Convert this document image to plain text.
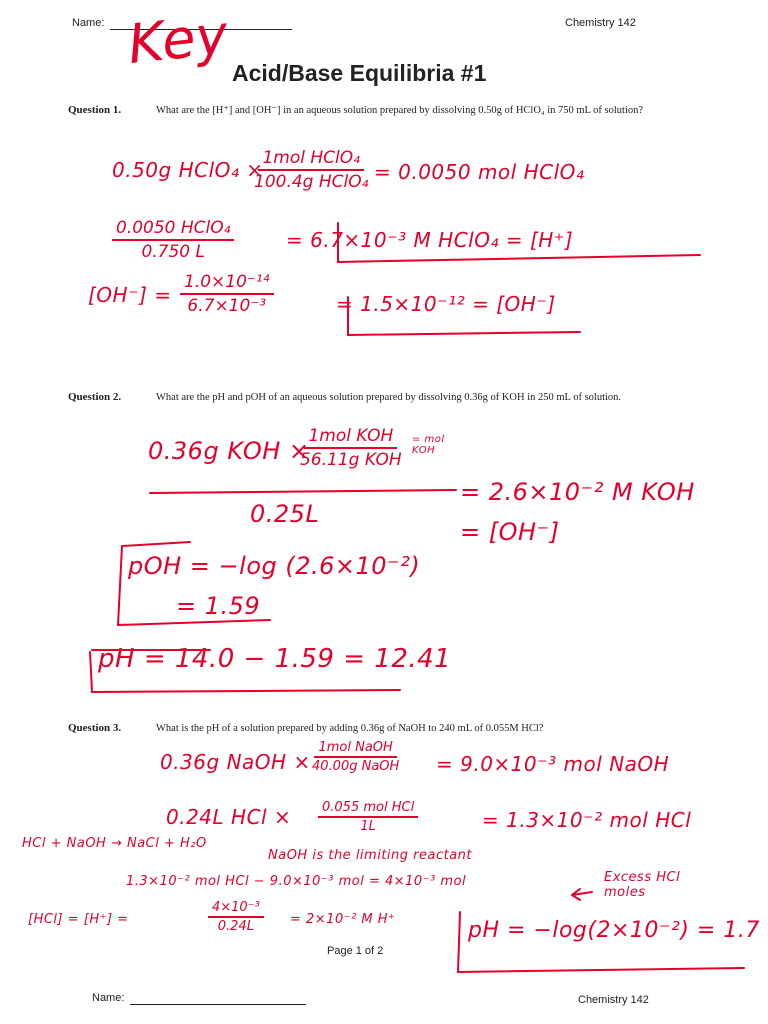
Name:	Chemistry 142
Key Acid/Base Equilibria #1
Question 1.	What are the [H⁺] and [OH⁻] in an aqueous solution prepared by dissolving 0.50g of HClO₄ in 750 mL of solution?
0.50g HClO₄ ×
1mol HClO₄
100.4g HClO₄ = 0.0050 mol HClO₄
0.0050 HClO₄
0.750 L	= 6.7×10⁻³ M HClO₄ = [H⁺]
$[OH^-] = \frac{\text{1.0×10⁻¹⁴}}{\text{6.7×10⁻³}}$	= 1.5×10⁻¹² = [OH⁻]
Question 2.	What are the pH and pOH of an aqueous solution prepared by dissolving 0.36g of KOH in 250 mL of solution.
0.36g KOH ×
1mol KOH
56.11g KOH
= mol KOH
0.25L
= 2.6×10⁻² M KOH
= [OH⁻]
pOH = −log (2.6×10⁻²)
= 1.59
pH = 14.0 − 1.59 = 12.41
Question 3.	What is the pH of a solution prepared by adding 0.36g of NaOH to 240 mL of 0.055M HCl?
0.36g NaOH ×
1mol NaOH
40.00g NaOH = 9.0×10⁻³ mol NaOH
0.24L HCl ×	0.055 mol HCl
1L	= 1.3×10⁻² mol HCl
HCl + NaOH → NaCl + H₂O
NaOH is the limiting reactant
1.3×10⁻² mol HCl − 9.0×10⁻³ mol = 4×10⁻³ mol	Excess HCl moles
[HCl] = [H⁺] =	$\frac{\text{4×10⁻³}}{0.24L} = 2\times 10^{-2}$ M H⁺	pH = −log(2×10⁻²) = 1.7
Page 1 of 2
Name:	Chemistry 142
